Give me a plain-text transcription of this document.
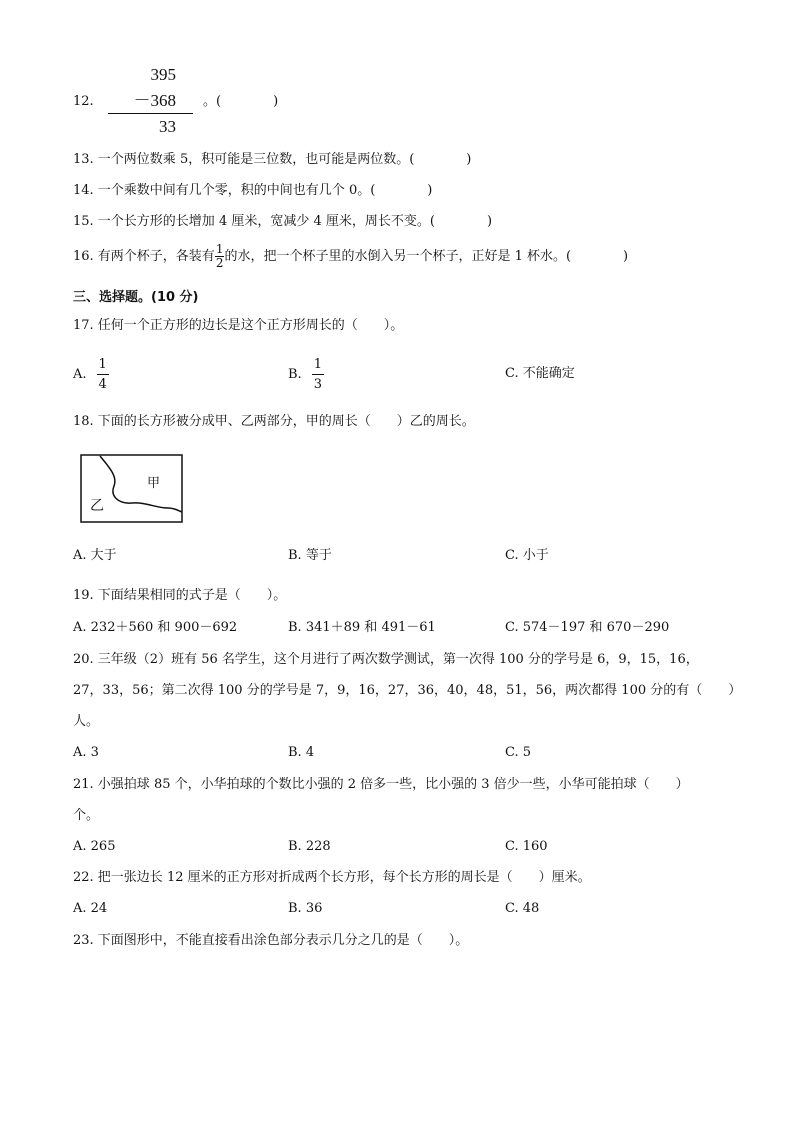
12.
395
－368
33
。(　　　　)
13. 一个两位数乘 5，积可能是三位数，也可能是两位数。(　　　　)
14. 一个乘数中间有几个零，积的中间也有几个 0。(　　　　)
15. 一个长方形的长增加 4 厘米，宽减少 4 厘米，周长不变。(　　　　)
16. 有两个杯子，各装有 $\frac{1}{2}$ 的水，把一个杯子里的水倒入另一个杯子，正好是 1 杯水。(　　　　)
三、选择题。(10 分)
17. 任何一个正方形的边长是这个正方形周长的（　　）。
A. $\frac{1}{4}$	B. $\frac{1}{3}$	C. 不能确定
18. 下面的长方形被分成甲、乙两部分，甲的周长（　　）乙的周长。
甲
乙
A. 大于	B. 等于	C. 小于
19. 下面结果相同的式子是（　　）。
A. 232＋560 和 900－692	B. 341＋89 和 491－61	C. 574－197 和 670－290
20. 三年级（2）班有 56 名学生，这个月进行了两次数学测试，第一次得 100 分的学号是 6，9，15，16，
27，33，56；第二次得 100 分的学号是 7，9，16，27，36，40，48，51，56，两次都得 100 分的有（　　）
人。
A. 3	B. 4	C. 5
21. 小强拍球 85 个，小华拍球的个数比小强的 2 倍多一些，比小强的 3 倍少一些，小华可能拍球（　　）
个。
A. 265	B. 228	C. 160
22. 把一张边长 12 厘米的正方形对折成两个长方形，每个长方形的周长是（　　）厘米。
A. 24	B. 36	C. 48
23. 下面图形中，不能直接看出涂色部分表示几分之几的是（　　）。
